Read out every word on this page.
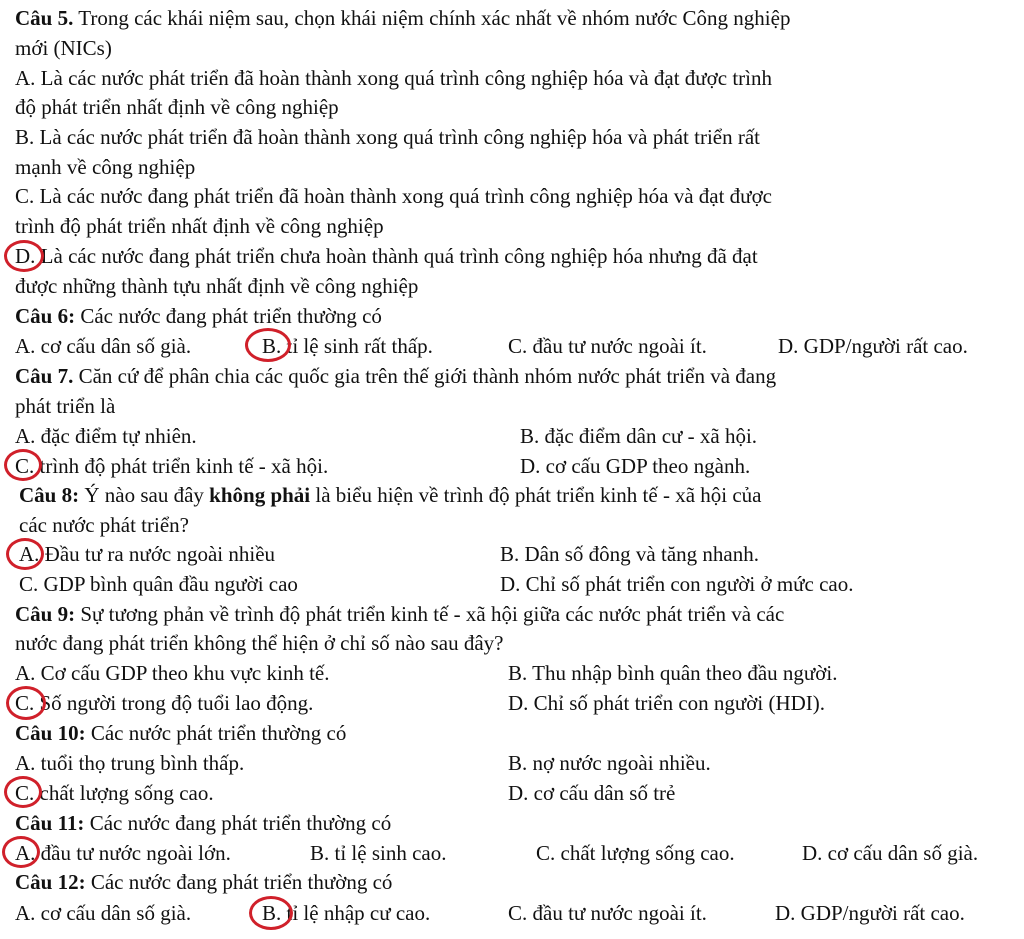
Câu 5. Trong các khái niệm sau, chọn khái niệm chính xác nhất về nhóm nước Công nghiệp
mới (NICs)
A. Là các nước phát triển đã hoàn thành xong quá trình công nghiệp hóa và đạt được trình
độ phát triển nhất định về công nghiệp
B. Là các nước phát triển đã hoàn thành xong quá trình công nghiệp hóa và phát triển rất
mạnh về công nghiệp
C. Là các nước đang phát triển đã hoàn thành xong quá trình công nghiệp hóa và đạt được
trình độ phát triển nhất định về công nghiệp
D. Là các nước đang phát triển chưa hoàn thành quá trình công nghiệp hóa nhưng đã đạt
được những thành tựu nhất định về công nghiệp
Câu 6: Các nước đang phát triển thường có
A. cơ cấu dân số già.	B. tỉ lệ sinh rất thấp.	C. đầu tư nước ngoài ít.	D. GDP/người rất cao.
Câu 7. Căn cứ để phân chia các quốc gia trên thế giới thành nhóm nước phát triển và đang
phát triển là
A. đặc điểm tự nhiên.	B. đặc điểm dân cư - xã hội.
C. trình độ phát triển kinh tế - xã hội.	D. cơ cấu GDP theo ngành.
Câu 8: Ý nào sau đây không phải là biểu hiện về trình độ phát triển kinh tế - xã hội của
các nước phát triển?
A. Đầu tư ra nước ngoài nhiều	B. Dân số đông và tăng nhanh.
C. GDP bình quân đầu người cao	D. Chỉ số phát triển con người ở mức cao.
Câu 9: Sự tương phản về trình độ phát triển kinh tế - xã hội giữa các nước phát triển và các
nước đang phát triển không thể hiện ở chỉ số nào sau đây?
A. Cơ cấu GDP theo khu vực kinh tế.	B. Thu nhập bình quân theo đầu người.
C. Số người trong độ tuổi lao động.	D. Chỉ số phát triển con người (HDI).
Câu 10: Các nước phát triển thường có
A. tuổi thọ trung bình thấp.	B. nợ nước ngoài nhiều.
C. chất lượng sống cao.	D. cơ cấu dân số trẻ
Câu 11: Các nước đang phát triển thường có
A. đầu tư nước ngoài lớn.	B. tỉ lệ sinh cao.	C. chất lượng sống cao.	D. cơ cấu dân số già.
Câu 12: Các nước đang phát triển thường có
A. cơ cấu dân số già.	B. tỉ lệ nhập cư cao.	C. đầu tư nước ngoài ít.	D. GDP/người rất cao.
